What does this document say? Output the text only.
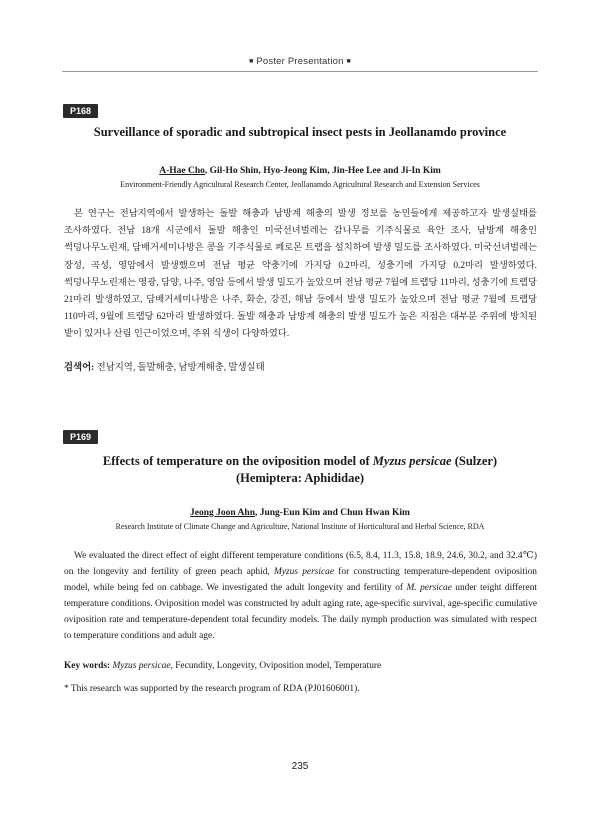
■ Poster Presentation ■
P168
Surveillance of sporadic and subtropical insect pests in Jeollanamdo province
A-Hae Cho, Gil-Ho Shin, Hyo-Jeong Kim, Jin-Hee Lee and Ji-In Kim
Environment-Friendly Agricultural Research Center, Jeollanamdo Agricultural Research and Extension Services

본 연구는 전남지역에서 발생하는 돌발 해충과 남방계 해충의 발생 정보를 농민들에게 제공하고자 발생실태를 조사하였다. 전남 18개 시군에서 돌발 해충인 미국선녀벌레는 감나무를 기주식물로 육안 조사, 남방계 해충인 썩덩나무노린재, 담배거세미나방은 콩을 기주식물로 페로몬 트랩을 설치하여 발생 밀도를 조사하였다. 미국선녀벌레는 장성, 곡성, 영암에서 발생했으며 전남 평균 약충기에 가지당 0.2마리, 성충기에 가지당 0.2마리 발생하였다. 썩덩나무노린재는 영광, 담양, 나주, 영암 등에서 발생 밀도가 높았으며 전남 평균 7월에 트랩당 11마리, 성충기에 트랩당 21마리 발생하였고, 담배거세미나방은 나주, 화순, 강진, 해남 등에서 발생 밀도가 높았으며 전남 평균 7월에 트랩당 110마리, 9월에 트랩당 62마리 발생하였다. 돌발 해충과 남방계 해충의 발생 밀도가 높은 지점은 대부분 주위에 방치된 밭이 있거나 산림 인근이었으며, 주위 식생이 다양하였다.

검색어: 전남지역, 돌발해충, 남방계해충, 발생실태
P169
Effects of temperature on the oviposition model of Myzus persicae (Sulzer)
(Hemiptera: Aphididae)
Jeong Joon Ahn, Jung-Eun Kim and Chun Hwan Kim
Research Institute of Climate Change and Agriculture, National Institute of Horticultural and Herbal Science, RDA

We evaluated the direct effect of eight different temperature conditions (6.5, 8.4, 11.3, 15.8, 18.9, 24.6, 30.2, and 32.4℃) on the longevity and fertility of green peach aphid, Myzus persicae for constructing temperature-dependent oviposition model, while being fed on cabbage. We investigated the adult longevity and fertility of M. persicae under teight different temperature conditions. Oviposition model was constructed by adult aging rate, age-specific survival, age-specific cumulative oviposition rate and temperature-dependent total fecundity models. The daily nymph production was simulated with respect to temperature conditions and adult age.

Key words: Myzus persicae, Fecundity, Longevity, Oviposition model, Temperature
* This research was supported by the research program of RDA (PJ01606001).
235
